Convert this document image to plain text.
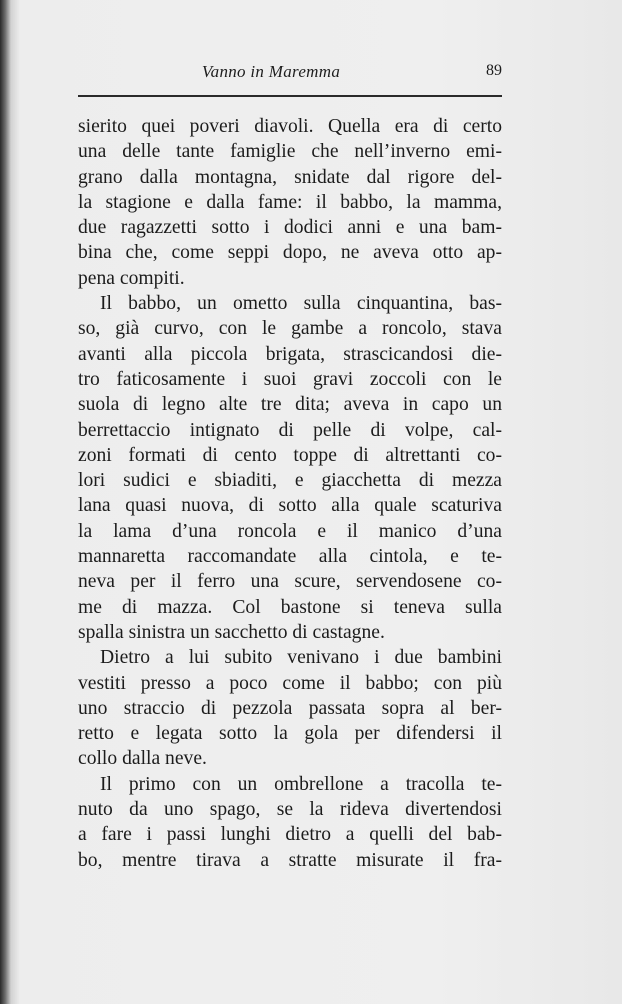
Vanno in Maremma	89
sierito quei poveri diavoli. Quella era di certo
una delle tante famiglie che nell’inverno emi-
grano dalla montagna, snidate dal rigore del-
la stagione e dalla fame: il babbo, la mamma,
due ragazzetti sotto i dodici anni e una bam-
bina che, come seppi dopo, ne aveva otto ap-
pena compiti.
Il babbo, un ometto sulla cinquantina, bas-
so, già curvo, con le gambe a roncolo, stava
avanti alla piccola brigata, strascicandosi die-
tro faticosamente i suoi gravi zoccoli con le
suola di legno alte tre dita; aveva in capo un
berrettaccio intignato di pelle di volpe, cal-
zoni formati di cento toppe di altrettanti co-
lori sudici e sbiaditi, e giacchetta di mezza
lana quasi nuova, di sotto alla quale scaturiva
la lama d’una roncola e il manico d’una
mannaretta raccomandate alla cintola, e te-
neva per il ferro una scure, servendosene co-
me di mazza. Col bastone si teneva sulla
spalla sinistra un sacchetto di castagne.
Dietro a lui subito venivano i due bambini
vestiti presso a poco come il babbo; con più
uno straccio di pezzola passata sopra al ber-
retto e legata sotto la gola per difendersi il
collo dalla neve.
Il primo con un ombrellone a tracolla te-
nuto da uno spago, se la rideva divertendosi
a fare i passi lunghi dietro a quelli del bab-
bo, mentre tirava a stratte misurate il fra-
